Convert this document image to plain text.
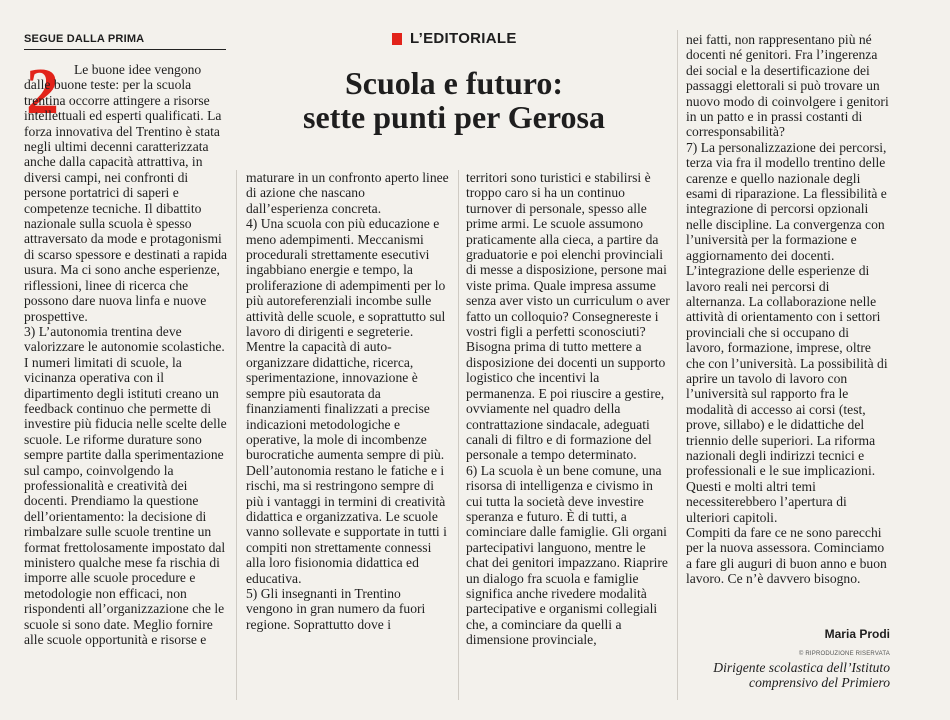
SEGUE DALLA PRIMA
2	Le buone idee vengono dalle buone teste: per la scuola trentina occorre attingere a risorse intellettuali ed esperti qualificati. La forza innovativa del Trentino è stata negli ultimi decenni caratterizzata anche dalla capacità attrattiva, in diversi campi, nei confronti di persone portatrici di saperi e competenze tecniche. Il dibattito nazionale sulla scuola è spesso attraversato da mode e protagonismi di scarso spessore e destinati a rapida usura. Ma ci sono anche esperienze, riflessioni, linee di ricerca che possono dare nuova linfa e nuove prospettive.
3) L’autonomia trentina deve valorizzare le autonomie scolastiche. I numeri limitati di scuole, la vicinanza operativa con il dipartimento degli istituti creano un feedback continuo che permette di investire più fiducia nelle scelte delle scuole. Le riforme durature sono sempre partite dalla sperimentazione sul campo, coinvolgendo la professionalità e creatività dei docenti. Prendiamo la questione dell’orientamento: la decisione di rimbalzare sulle scuole trentine un format frettolosamente impostato dal ministero qualche mese fa rischia di imporre alle scuole procedure e metodologie non efficaci, non rispondenti all’organizzazione che le scuole si sono date. Meglio fornire alle scuole opportunità e risorse e
L’EDITORIALE
Scuola e futuro:
sette punti per Gerosa
maturare in un confronto aperto linee di azione che nascano dall’esperienza concreta.
4) Una scuola con più educazione e meno adempimenti. Meccanismi procedurali strettamente esecutivi ingabbiano energie e tempo, la proliferazione di adempimenti per lo più autoreferenziali incombe sulle attività delle scuole, e soprattutto sul lavoro di dirigenti e segreterie. Mentre la capacità di auto-organizzare didattiche, ricerca, sperimentazione, innovazione è sempre più esautorata da finanziamenti finalizzati a precise indicazioni metodologiche e operative, la mole di incombenze burocratiche aumenta sempre di più. Dell’autonomia restano le fatiche e i rischi, ma si restringono sempre di più i vantaggi in termini di creatività didattica e organizzativa. Le scuole vanno sollevate e supportate in tutti i compiti non strettamente connessi alla loro fisionomia didattica ed educativa.
5) Gli insegnanti in Trentino vengono in gran numero da fuori regione. Soprattutto dove i
territori sono turistici e stabilirsi è troppo caro si ha un continuo turnover di personale, spesso alle prime armi. Le scuole assumono praticamente alla cieca, a partire da graduatorie e poi elenchi provinciali di messe a disposizione, persone mai viste prima. Quale impresa assume senza aver visto un curriculum o aver fatto un colloquio? Consegnereste i vostri figli a perfetti sconosciuti? Bisogna prima di tutto mettere a disposizione dei docenti un supporto logistico che incentivi la permanenza. E poi riuscire a gestire, ovviamente nel quadro della contrattazione sindacale, adeguati canali di filtro e di formazione del personale a tempo determinato.
6) La scuola è un bene comune, una risorsa di intelligenza e civismo in cui tutta la società deve investire speranza e futuro. È di tutti, a cominciare dalle famiglie. Gli organi partecipativi languono, mentre le chat dei genitori impazzano. Riaprire un dialogo fra scuola e famiglie significa anche rivedere modalità partecipative e organismi collegiali che, a cominciare da quelli a dimensione provinciale,
nei fatti, non rappresentano più né docenti né genitori. Fra l’ingerenza dei social e la desertificazione dei passaggi elettorali si può trovare un nuovo modo di coinvolgere i genitori in un patto e in prassi costanti di corresponsabilità?
7) La personalizzazione dei percorsi, terza via fra il modello trentino delle carenze e quello nazionale degli esami di riparazione. La flessibilità e integrazione di percorsi opzionali nelle discipline. La convergenza con l’università per la formazione e aggiornamento dei docenti. L’integrazione delle esperienze di lavoro reali nei percorsi di alternanza. La collaborazione nelle attività di orientamento con i settori provinciali che si occupano di lavoro, formazione, imprese, oltre che con l’università. La possibilità di aprire un tavolo di lavoro con l’università sul rapporto fra le modalità di accesso ai corsi (test, prove, sillabo) e le didattiche del triennio delle superiori. La riforma nazionali degli indirizzi tecnici e professionali e le sue implicazioni. Questi e molti altri temi necessiterebbero l’apertura di ulteriori capitoli.
Compiti da fare ce ne sono parecchi per la nuova assessora. Cominciamo a fare gli auguri di buon anno e buon lavoro. Ce n’è davvero bisogno.
Maria Prodi
© RIPRODUZIONE RISERVATA
Dirigente scolastica dell’Istituto
comprensivo del Primiero
